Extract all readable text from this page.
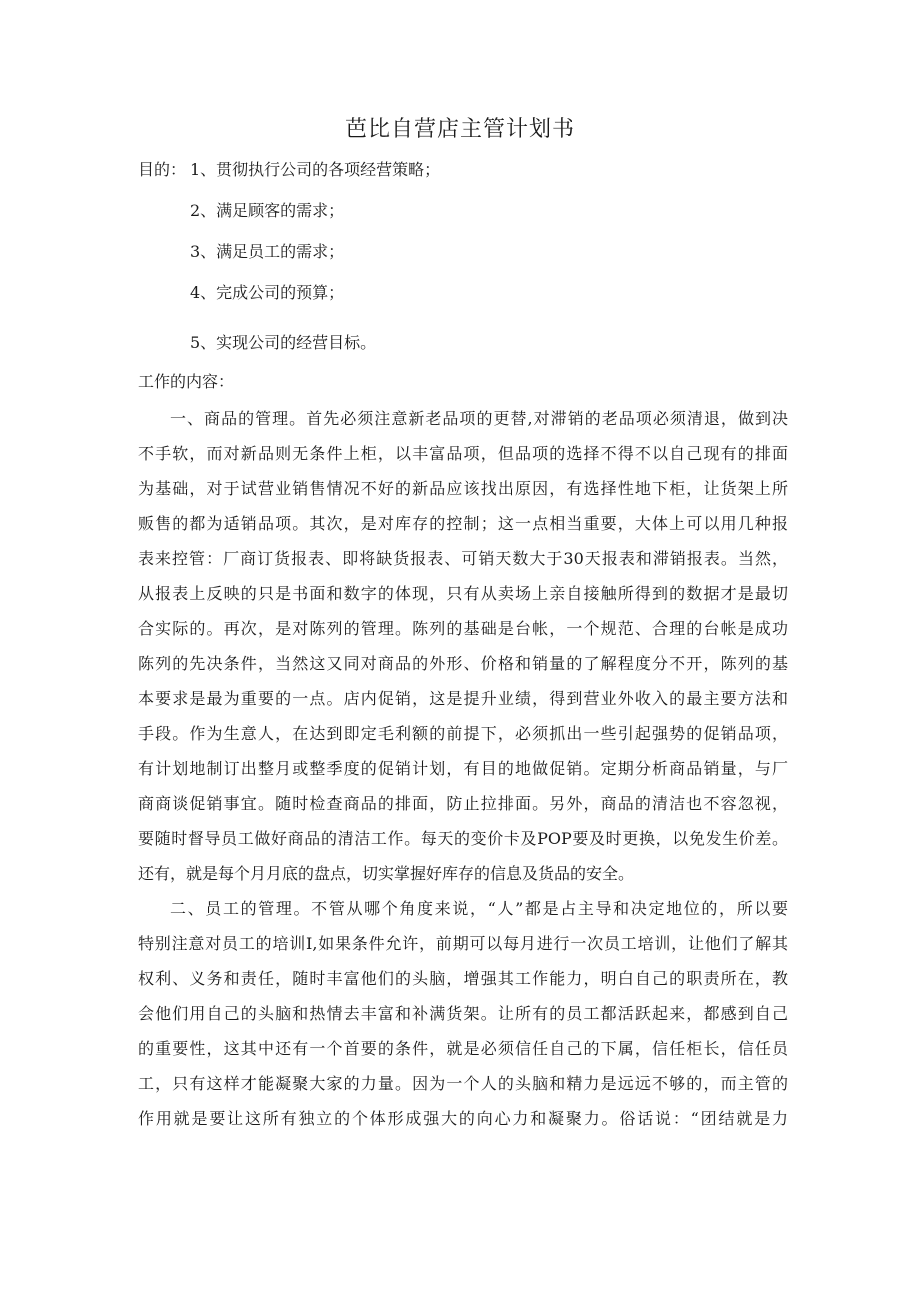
芭比自营店主管计划书
目的： 1、贯彻执行公司的各项经营策略；
2、满足顾客的需求；
3、满足员工的需求；
4、完成公司的预算；
5、实现公司的经营目标。
工作的内容：
一、商品的管理。首先必须注意新老品项的更替,对滞销的老品项必须清退，做到决
不手软，而对新品则无条件上柜，以丰富品项，但品项的选择不得不以自己现有的排面
为基础，对于试营业销售情况不好的新品应该找出原因，有选择性地下柜，让货架上所
贩售的都为适销品项。其次，是对库存的控制；这一点相当重要，大体上可以用几种报
表来控管：厂商订货报表、即将缺货报表、可销天数大于30天报表和滞销报表。当然，
从报表上反映的只是书面和数字的体现，只有从卖场上亲自接触所得到的数据才是最切
合实际的。再次，是对陈列的管理。陈列的基础是台帐，一个规范、合理的台帐是成功
陈列的先决条件，当然这又同对商品的外形、价格和销量的了解程度分不开，陈列的基
本要求是最为重要的一点。店内促销，这是提升业绩，得到营业外收入的最主要方法和
手段。作为生意人，在达到即定毛利额的前提下，必须抓出一些引起强势的促销品项，
有计划地制订出整月或整季度的促销计划，有目的地做促销。定期分析商品销量，与厂
商商谈促销事宜。随时检查商品的排面，防止拉排面。另外，商品的清洁也不容忽视，
要随时督导员工做好商品的清洁工作。每天的变价卡及POP要及时更换，以免发生价差。
还有，就是每个月月底的盘点，切实掌握好库存的信息及货品的安全。
二、员工的管理。不管从哪个角度来说，“人”都是占主导和决定地位的，所以要
特别注意对员工的培训I,如果条件允许，前期可以每月进行一次员工培训，让他们了解其
权利、义务和责任，随时丰富他们的头脑，增强其工作能力，明白自己的职责所在，教
会他们用自己的头脑和热情去丰富和补满货架。让所有的员工都活跃起来，都感到自己
的重要性，这其中还有一个首要的条件，就是必须信任自己的下属，信任柜长，信任员
工，只有这样才能凝聚大家的力量。因为一个人的头脑和精力是远远不够的，而主管的
作用就是要让这所有独立的个体形成强大的向心力和凝聚力。俗话说：“团结就是力
